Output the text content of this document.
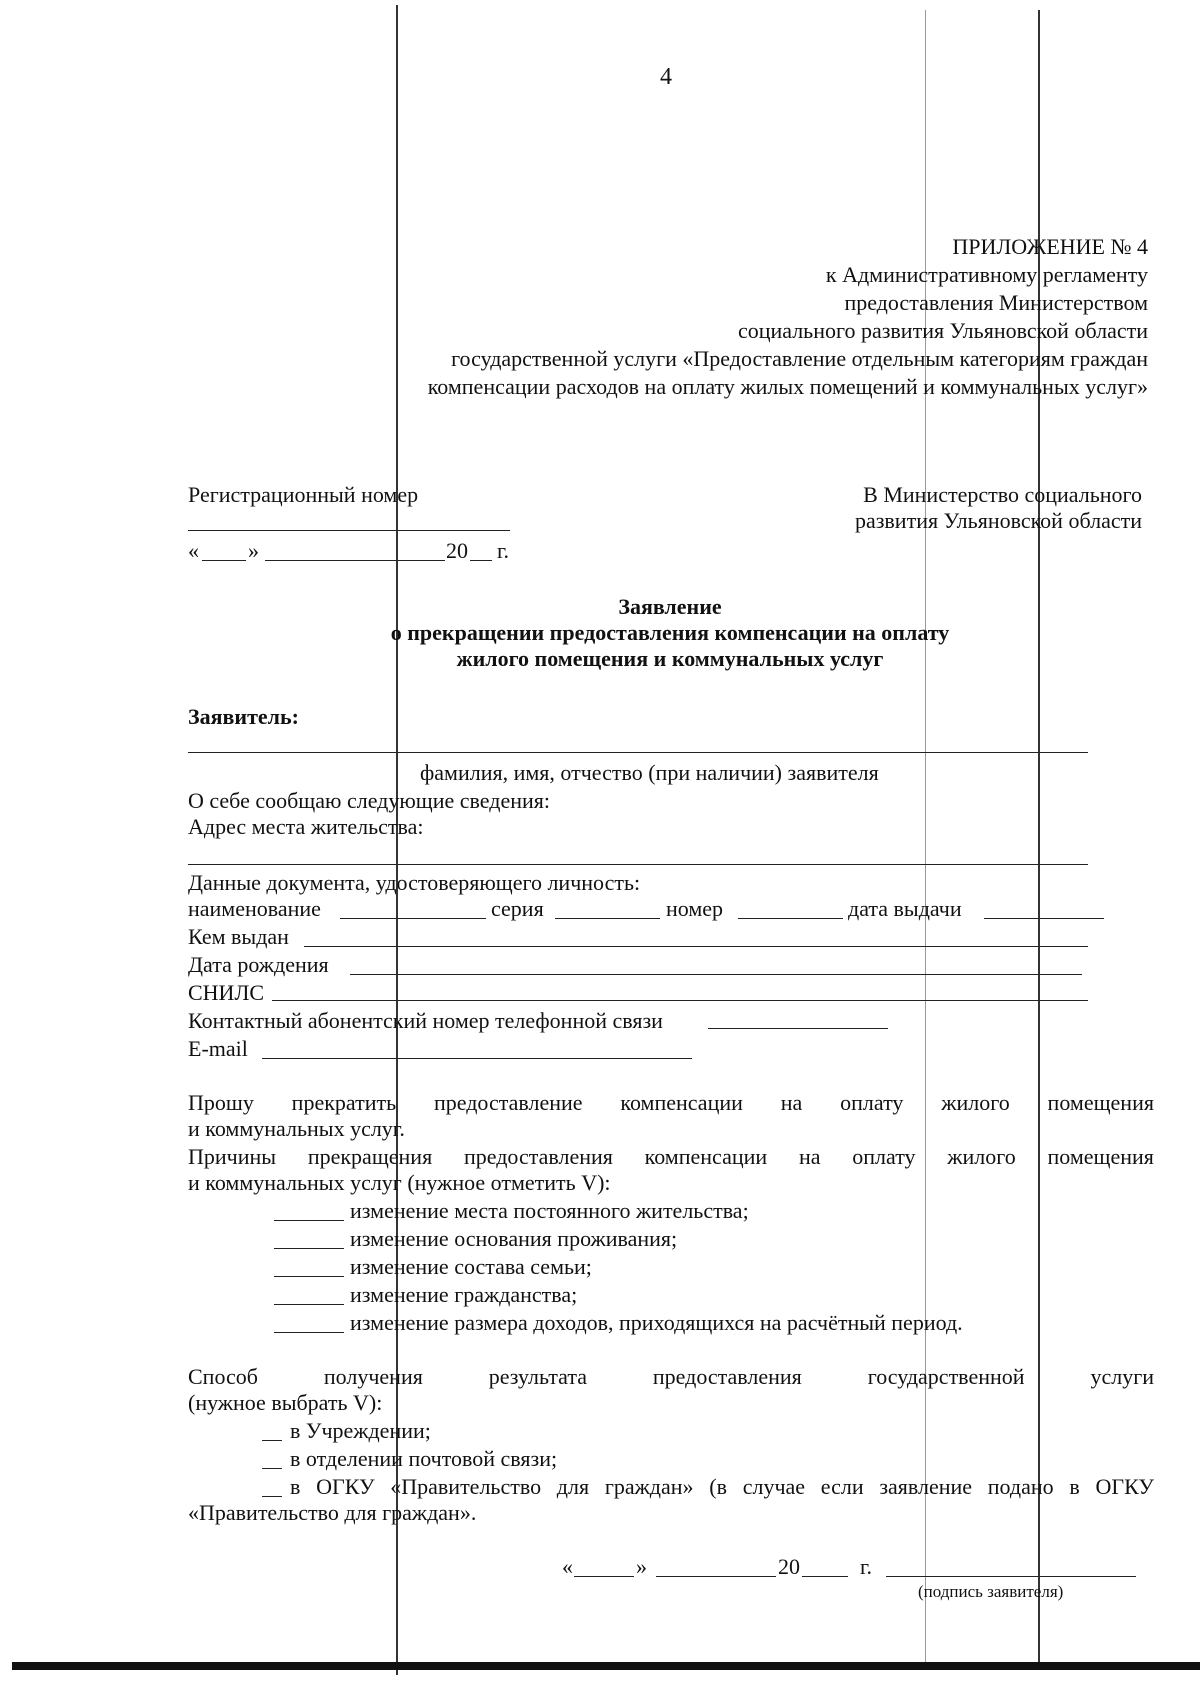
4
ПРИЛОЖЕНИЕ № 4
к Административному регламенту
предоставления Министерством
социального развития Ульяновской области
государственной услуги «Предоставление отдельным категориям граждан
компенсации расходов на оплату жилых помещений и коммунальных услуг»
Регистрационный номер
« »	20 г.
В Министерство социального
развития Ульяновской области
Заявление
о прекращении предоставления компенсации на оплату
жилого помещения и коммунальных услуг
Заявитель:
фамилия, имя, отчество (при наличии) заявителя
О себе сообщаю следующие сведения:
Адрес места жительства:
Данные документа, удостоверяющего личность:
наименование	серия	номер	дата выдачи
Кем выдан
Дата рождения
СНИЛС
Контактный абонентский номер телефонной связи
E-mail
Прошу прекратить предоставление компенсации на оплату жилого помещения
и коммунальных услуг.
Причины прекращения предоставления компенсации на оплату жилого помещения
и коммунальных услуг (нужное отметить V):
изменение места постоянного жительства;
изменение основания проживания;
изменение состава семьи;
изменение гражданства;
изменение размера доходов, приходящихся на расчётный период.
Способ	получения	результата	предоставления	государственной	услуги
(нужное выбрать V):
в Учреждении;
в отделении почтовой связи;
в ОГКУ «Правительство для граждан» (в случае если заявление подано в ОГКУ
«Правительство для граждан».
«	»	20	г.
(подпись заявителя)
